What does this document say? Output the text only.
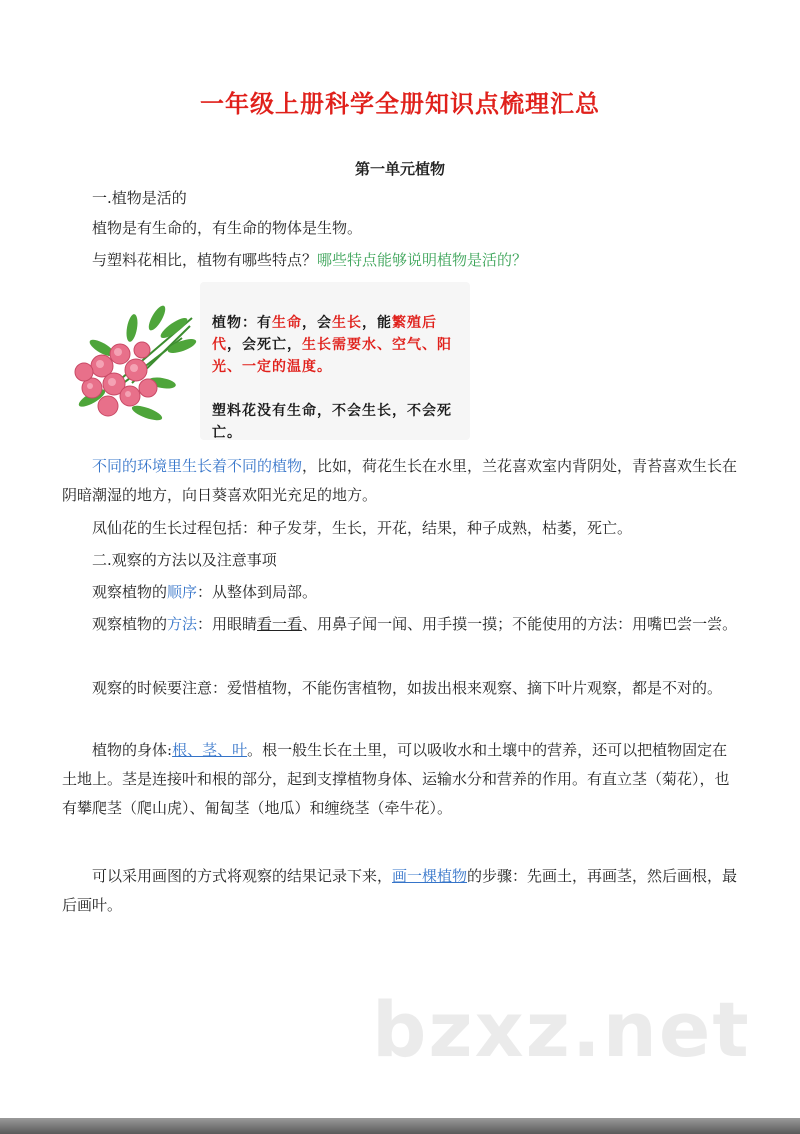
一年级上册科学全册知识点梳理汇总
第一单元植物

一.植物是活的

植物是有生命的，有生命的物体是生物。

与塑料花相比，植物有哪些特点？哪些特点能够说明植物是活的？

植物：有生命，会生长，能繁殖后代，会死亡，生长需要水、空气、阳光、一定的温度。
塑料花没有生命，不会生长，不会死亡。

不同的环境里生长着不同的植物，比如，荷花生长在水里，兰花喜欢室内背阴处，青苔喜欢生长在阴暗潮湿的地方，向日葵喜欢阳光充足的地方。

凤仙花的生长过程包括：种子发芽，生长，开花，结果，种子成熟，枯萎，死亡。

二.观察的方法以及注意事项

观察植物的顺序：从整体到局部。

观察植物的方法：用眼睛看一看、用鼻子闻一闻、用手摸一摸；不能使用的方法：用嘴巴尝一尝。

观察的时候要注意：爱惜植物，不能伤害植物，如拔出根来观察、摘下叶片观察，都是不对的。

植物的身体:根、茎、叶。根一般生长在土里，可以吸收水和土壤中的营养，还可以把植物固定在土地上。茎是连接叶和根的部分，起到支撑植物身体、运输水分和营养的作用。有直立茎（菊花），也有攀爬茎（爬山虎）、匍匐茎（地瓜）和缠绕茎（牵牛花）。

可以采用画图的方式将观察的结果记录下来，画一棵植物的步骤：先画土，再画茎，然后画根，最后画叶。

bzxz.net
